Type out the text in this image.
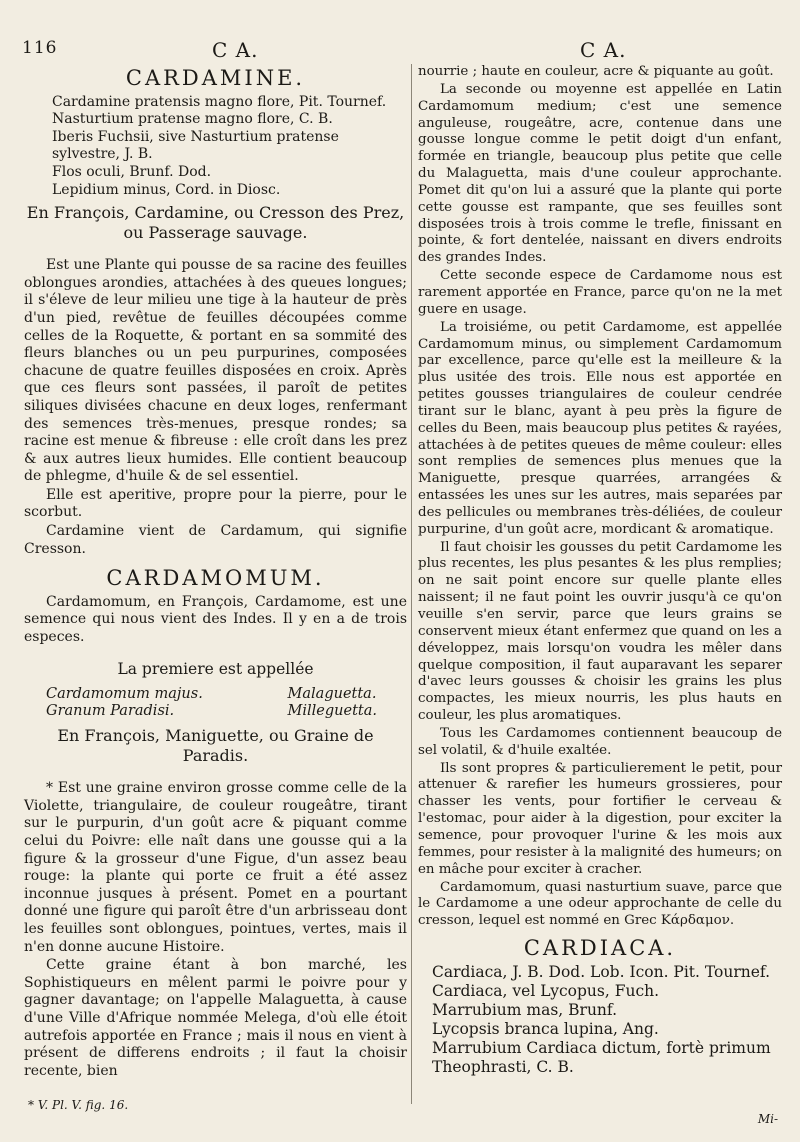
116	C A.	C A.
CARDAMINE.
Cardamine pratensis magno flore, Pit. Tournef.
Nasturtium pratense magno flore, C. B.
Iberis Fuchsii, sive Nasturtium pratense sylvestre, J. B.
Flos oculi, Brunf. Dod.
Lepidium minus, Cord. in Diosc.
En François, Cardamine, ou Cresson des Prez, ou Passerage sauvage.

Est une Plante qui pousse de sa racine des feuilles oblongues arondies, attachées à des queues longues; il s'éleve de leur milieu une tige à la hauteur de près d'un pied, revêtue de feuilles découpées comme celles de la Roquette, & portant en sa sommité des fleurs blanches ou un peu purpurines, composées chacune de quatre feuilles disposées en croix. Après que ces fleurs sont passées, il paroît de petites siliques divisées chacune en deux loges, renfermant des semences très-menues, presque rondes; sa racine est menue & fibreuse : elle croît dans les prez & aux autres lieux humides. Elle contient beaucoup de phlegme, d'huile & de sel essentiel.

Elle est aperitive, propre pour la pierre, pour le scorbut.

Cardamine vient de Cardamum, qui signifie Cresson.

CARDAMOMUM.

Cardamomum, en François, Cardamome, est une semence qui nous vient des Indes. Il y en a de trois especes.

La premiere est appellée
Cardamomum majus.
Granum Paradisi.
Malaguetta.
Milleguetta.
En François, Maniguette, ou Graine de Paradis.

* Est une graine environ grosse comme celle de la Violette, triangulaire, de couleur rougeâtre, tirant sur le purpurin, d'un goût acre & piquant comme celui du Poivre: elle naît dans une gousse qui a la figure & la grosseur d'une Figue, d'un assez beau rouge: la plante qui porte ce fruit a été assez inconnue jusques à présent. Pomet en a pourtant donné une figure qui paroît être d'un arbrisseau dont les feuilles sont oblongues, pointues, vertes, mais il n'en donne aucune Histoire.

Cette graine étant à bon marché, les Sophistiqueurs en mêlent parmi le poivre pour y gagner davantage; on l'appelle Malaguetta, à cause d'une Ville d'Afrique nommée Melega, d'où elle étoit autrefois apportée en France ; mais il nous en vient à présent de differens endroits ; il faut la choisir recente, bien

nourrie ; haute en couleur, acre & piquante au goût.

La seconde ou moyenne est appellée en Latin Cardamomum medium; c'est une semence anguleuse, rougeâtre, acre, contenue dans une gousse longue comme le petit doigt d'un enfant, formée en triangle, beaucoup plus petite que celle du Malaguetta, mais d'une couleur approchante. Pomet dit qu'on lui a assuré que la plante qui porte cette gousse est rampante, que ses feuilles sont disposées trois à trois comme le trefle, finissant en pointe, & fort dentelée, naissant en divers endroits des grandes Indes.

Cette seconde espece de Cardamome nous est rarement apportée en France, parce qu'on ne la met guere en usage.

La troisiéme, ou petit Cardamome, est appellée Cardamomum minus, ou simplement Cardamomum par excellence, parce qu'elle est la meilleure & la plus usitée des trois. Elle nous est apportée en petites gousses triangulaires de couleur cendrée tirant sur le blanc, ayant à peu près la figure de celles du Been, mais beaucoup plus petites & rayées, attachées à de petites queues de même couleur: elles sont remplies de semences plus menues que la Maniguette, presque quarrées, arrangées & entassées les unes sur les autres, mais separées par des pellicules ou membranes très-déliées, de couleur purpurine, d'un goût acre, mordicant & aromatique.

Il faut choisir les gousses du petit Cardamome les plus recentes, les plus pesantes & les plus remplies; on ne sait point encore sur quelle plante elles naissent; il ne faut point les ouvrir jusqu'à ce qu'on veuille s'en servir, parce que leurs grains se conservent mieux étant enfermez que quand on les a développez, mais lorsqu'on voudra les mêler dans quelque composition, il faut auparavant les separer d'avec leurs gousses & choisir les grains les plus compactes, les mieux nourris, les plus hauts en couleur, les plus aromatiques.

Tous les Cardamomes contiennent beaucoup de sel volatil, & d'huile exaltée.

Ils sont propres & particulierement le petit, pour attenuer & rarefier les humeurs grossieres, pour chasser les vents, pour fortifier le cerveau & l'estomac, pour aider à la digestion, pour exciter la semence, pour provoquer l'urine & les mois aux femmes, pour resister à la malignité des humeurs; on en mâche pour exciter à cracher.

Cardamomum, quasi nasturtium suave, parce que le Cardamome a une odeur approchante de celle du cresson, lequel est nommé en Grec Κάρδαμον.

CARDIACA.
Cardiaca, J. B. Dod. Lob. Icon. Pit. Tournef.
Cardiaca, vel Lycopus, Fuch.
Marrubium mas, Brunf.
Lycopsis branca lupina, Ang.
Marrubium Cardiaca dictum, fortè primum Theophrasti, C. B.
* V. Pl. V. fig. 16.
Mi-
